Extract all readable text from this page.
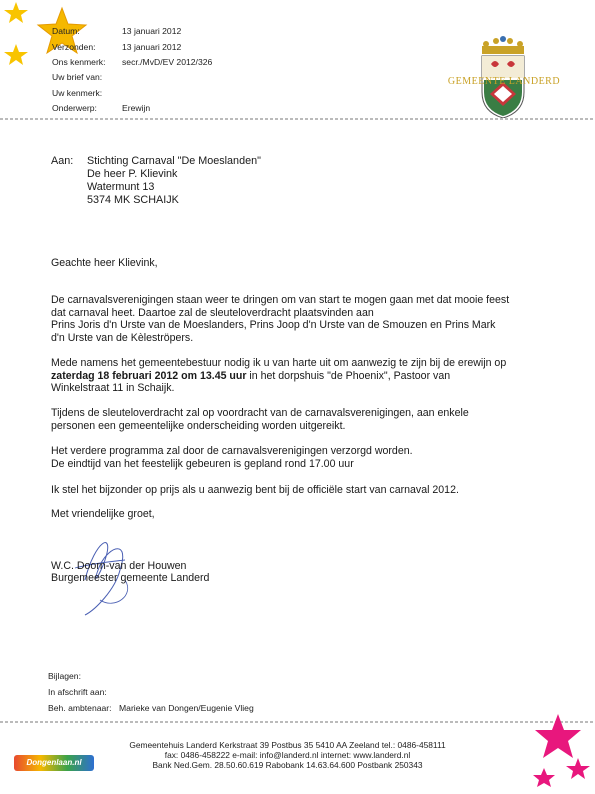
Datum:
Verzonden:
Ons kenmerk:
Uw brief van:
Uw kenmerk:
Onderwerp:
13 januari 2012
13 januari 2012
secr./MvD/EV 2012/326
Erewijn
GEMEENTE LANDERD
Aan: Stichting Carnaval "De Moeslanden"
De heer P. Klievink
Watermunt 13
5374 MK SCHAIJK
Geachte heer Klievink,
De carnavalsverenigingen staan weer te dringen om van start te mogen gaan met dat mooie feest
dat carnaval heet. Daartoe zal de sleuteloverdracht plaatsvinden aan
Prins Joris d'n Urste van de Moeslanders, Prins Joop d'n Urste van de Smouzen en Prins Mark
d'n Urste van de Kèleströpers.
Mede namens het gemeentebestuur nodig ik u van harte uit om aanwezig te zijn bij de erewijn op
zaterdag 18 februari 2012 om 13.45 uur in het dorpshuis "de Phoenix", Pastoor van
Winkelstraat 11 in Schaijk.
Tijdens de sleuteloverdracht zal op voordracht van de carnavalsverenigingen, aan enkele
personen een gemeentelijke onderscheiding worden uitgereikt.
Het verdere programma zal door de carnavalsverenigingen verzorgd worden.
De eindtijd van het feestelijk gebeuren is gepland rond 17.00 uur
Ik stel het bijzonder op prijs als u aanwezig bent bij de officiële start van carnaval 2012.
Met vriendelijke groet,
W.C. Doorn-van der Houwen
Burgemeester gemeente Landerd
Bijlagen:
In afschrift aan:
Beh. ambtenaar: Marieke van Dongen/Eugenie Vlieg
Gemeentehuis Landerd Kerkstraat 39 Postbus 35 5410 AA Zeeland tel.: 0486-458111
fax: 0486-458222 e-mail: info@landerd.nl internet: www.landerd.nl
Bank Ned.Gem. 28.50.60.619 Rabobank 14.63.64.600 Postbank 250343
Dongenlaan.nl
